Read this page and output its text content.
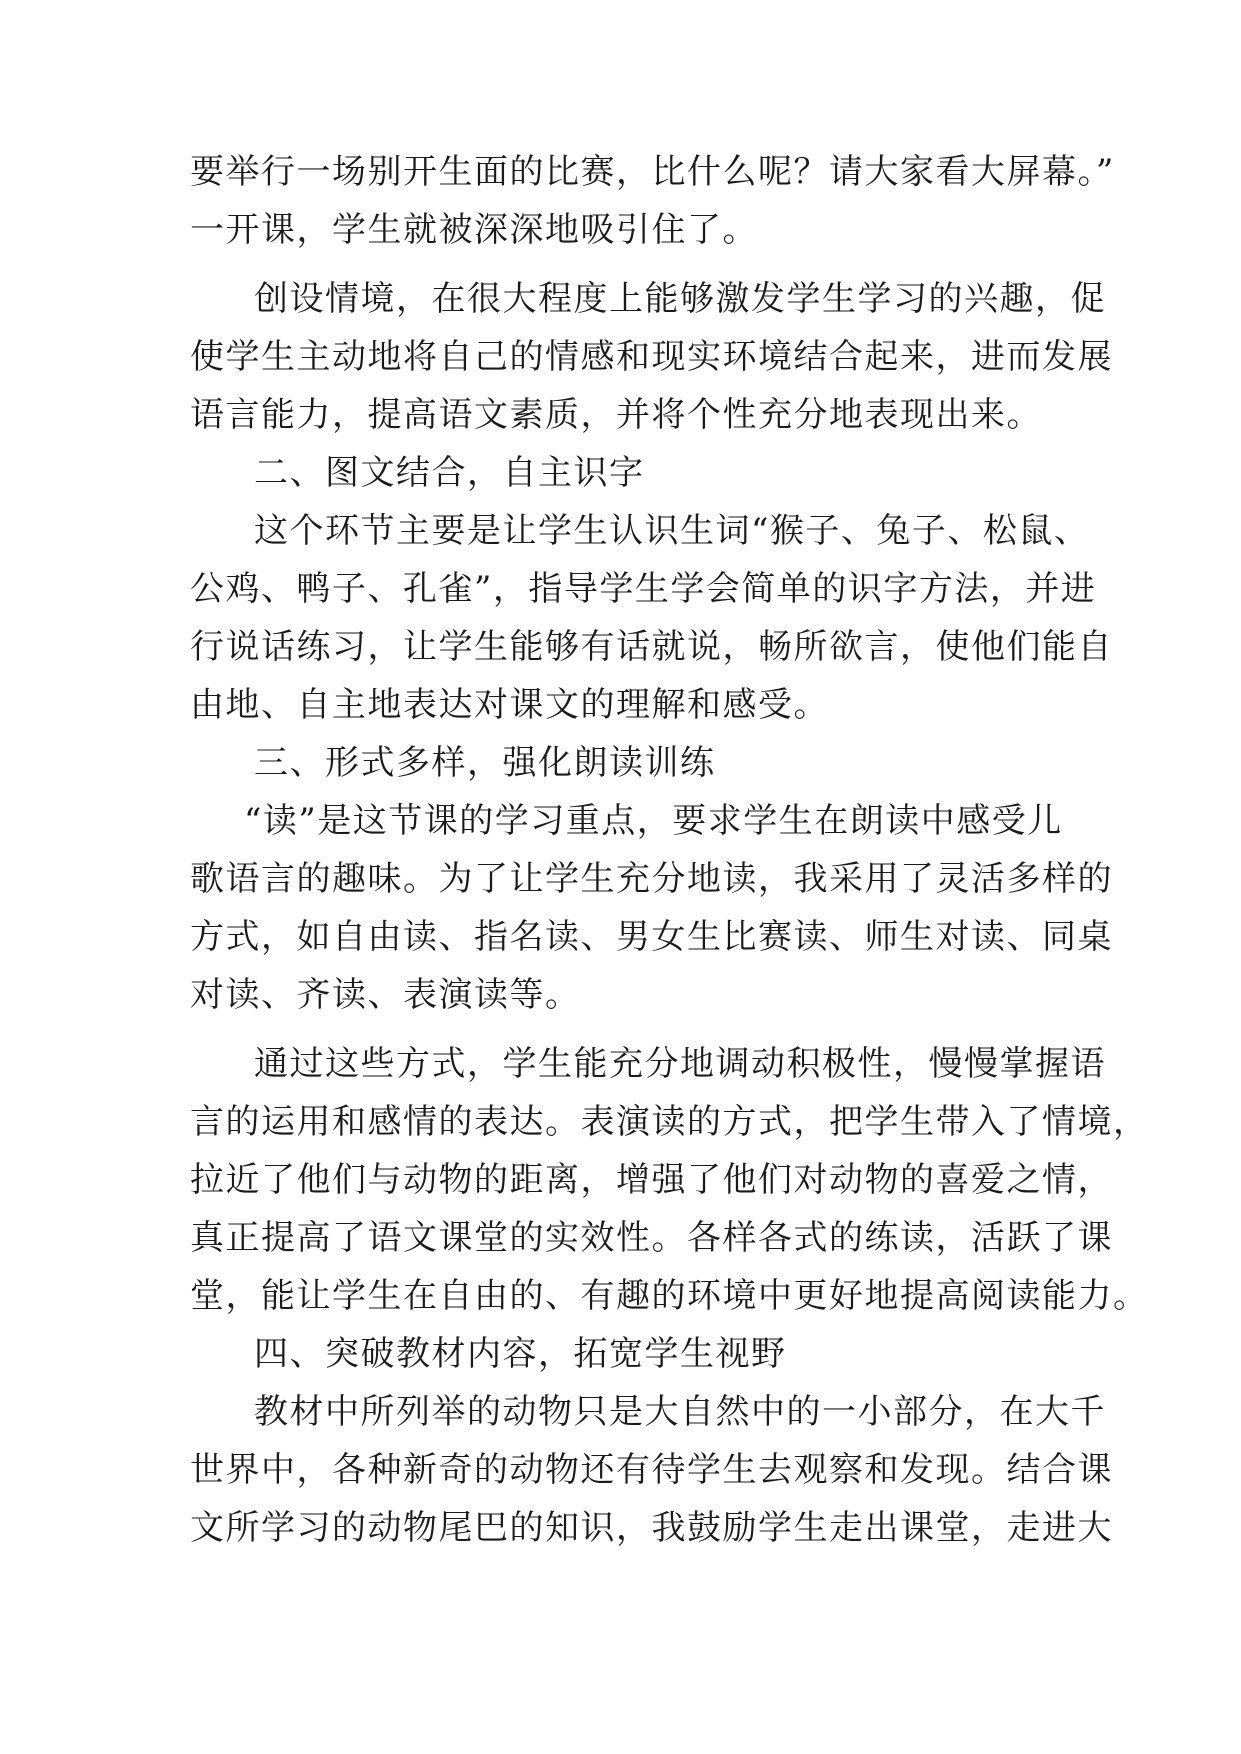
要举行一场别开生面的比赛，比什么呢？请大家看大屏幕。”
一开课，学生就被深深地吸引住了。
创设情境，在很大程度上能够激发学生学习的兴趣，促
使学生主动地将自己的情感和现实环境结合起来，进而发展
语言能力，提高语文素质，并将个性充分地表现出来。
二、图文结合，自主识字
这个环节主要是让学生认识生词“猴子、兔子、松鼠、
公鸡、鸭子、孔雀”，指导学生学会简单的识字方法，并进
行说话练习，让学生能够有话就说，畅所欲言，使他们能自
由地、自主地表达对课文的理解和感受。
三、形式多样，强化朗读训练
“读”是这节课的学习重点，要求学生在朗读中感受儿
歌语言的趣味。为了让学生充分地读，我采用了灵活多样的
方式，如自由读、指名读、男女生比赛读、师生对读、同桌
对读、齐读、表演读等。
通过这些方式，学生能充分地调动积极性，慢慢掌握语
言的运用和感情的表达。表演读的方式，把学生带入了情境，
拉近了他们与动物的距离，增强了他们对动物的喜爱之情，
真正提高了语文课堂的实效性。各样各式的练读，活跃了课
堂，能让学生在自由的、有趣的环境中更好地提高阅读能力。
四、突破教材内容，拓宽学生视野
教材中所列举的动物只是大自然中的一小部分，在大千
世界中，各种新奇的动物还有待学生去观察和发现。结合课
文所学习的动物尾巴的知识，我鼓励学生走出课堂，走进大
